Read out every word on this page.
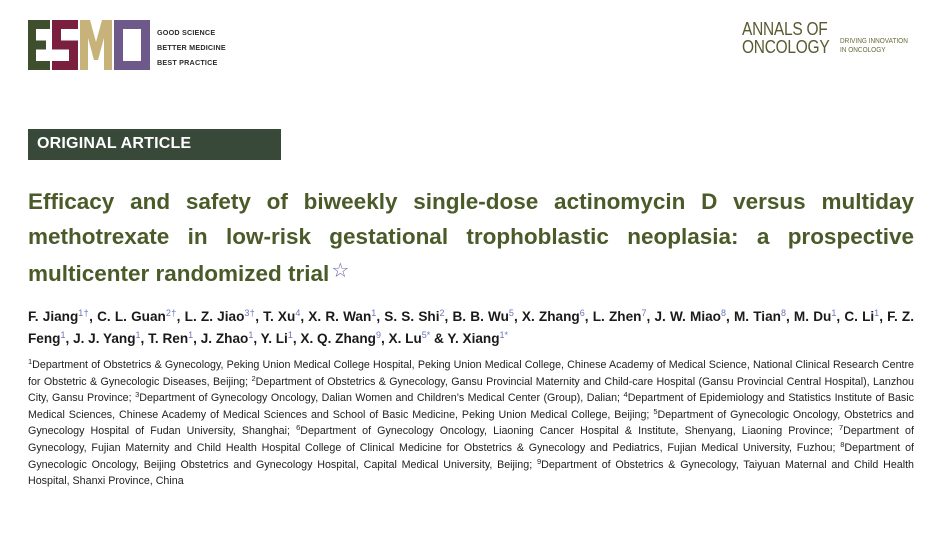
GOOD SCIENCE
BETTER MEDICINE
BEST PRACTICE
ANNALS OF
ONCOLOGY DRIVING INNOVATION
IN ONCOLOGY
ORIGINAL ARTICLE
Efficacy and safety of biweekly single-dose actinomycin D versus multiday methotrexate in low-risk gestational trophoblastic neoplasia: a prospective multicenter randomized trial ☆
F. Jiang$^{1\dagger}$, C. L. Guan$^{2\dagger}$, L. Z. Jiao$^{3\dagger}$, T. Xu$^4$, X. R. Wan$^1$, S. S. Shi$^2$, B. B. Wu$^5$, X. Zhang$^6$, L. Zhen$^7$, J. W. Miao$^8$, M. Tian$^8$, M. Du$^1$, C. Li$^1$, F. Z. Feng$^1$, J. J. Yang$^1$, T. Ren$^1$, J. Zhao$^1$, Y. Li$^1$, X. Q. Zhang$^9$, X. $Lu^{5*}$ & Y. Xiang$^{1*}$
$^1$Department of Obstetrics & Gynecology, Peking Union Medical College Hospital, Peking Union Medical College, Chinese Academy of Medical Science, National Clinical Research Centre for Obstetric & Gynecologic Diseases, Beijing; $^2$Department of Obstetrics & Gynecology, Gansu Provincial Maternity and Child-care Hospital (Gansu Provincial Central Hospital), Lanzhou City, Gansu Province; $^3$Department of Gynecology Oncology, Dalian Women and Children’s Medical Center (Group), Dalian; $^4$Department of Epidemiology and Statistics Institute of Basic Medical Sciences, Chinese Academy of Medical Sciences and School of Basic Medicine, Peking Union Medical College, Beijing; $^5$Department of Gynecologic Oncology, Obstetrics and Gynecology Hospital of Fudan University, Shanghai; $^6$Department of Gynecology Oncology, Liaoning Cancer Hospital & Institute, Shenyang, Liaoning Province; $^7$Department of Gynecology, Fujian Maternity and Child Health Hospital College of Clinical Medicine for Obstetrics & Gynecology and Pediatrics, Fujian Medical University, Fuzhou; $^8$Department of Gynecologic Oncology, Beijing Obstetrics and Gynecology Hospital, Capital Medical University, Beijing; $^9$Department of Obstetrics & Gynecology, Taiyuan Maternal and Child Health Hospital, Shanxi Province, China
